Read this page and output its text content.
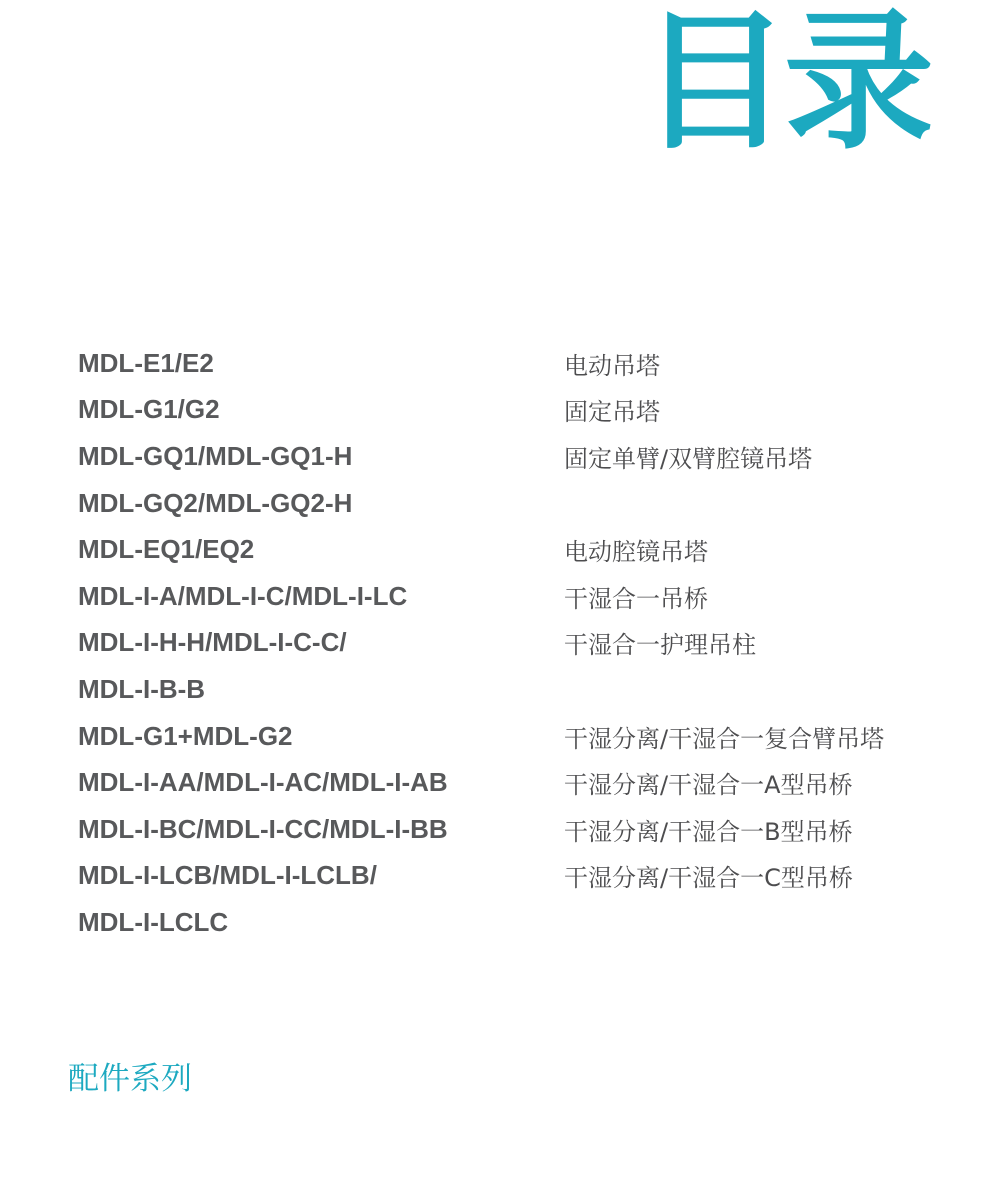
目录
MDL-E1/E2	电动吊塔
MDL-G1/G2	固定吊塔
MDL-GQ1/MDL-GQ1-H	固定单臂/双臂腔镜吊塔
MDL-GQ2/MDL-GQ2-H
MDL-EQ1/EQ2	电动腔镜吊塔
MDL-I-A/MDL-I-C/MDL-I-LC	干湿合一吊桥
MDL-I-H-H/MDL-I-C-C/	干湿合一护理吊柱
MDL-I-B-B
MDL-G1+MDL-G2	干湿分离/干湿合一复合臂吊塔
MDL-I-AA/MDL-I-AC/MDL-I-AB	干湿分离/干湿合一A型吊桥
MDL-I-BC/MDL-I-CC/MDL-I-BB	干湿分离/干湿合一B型吊桥
MDL-I-LCB/MDL-I-LCLB/	干湿分离/干湿合一C型吊桥
MDL-I-LCLC
配件系列
